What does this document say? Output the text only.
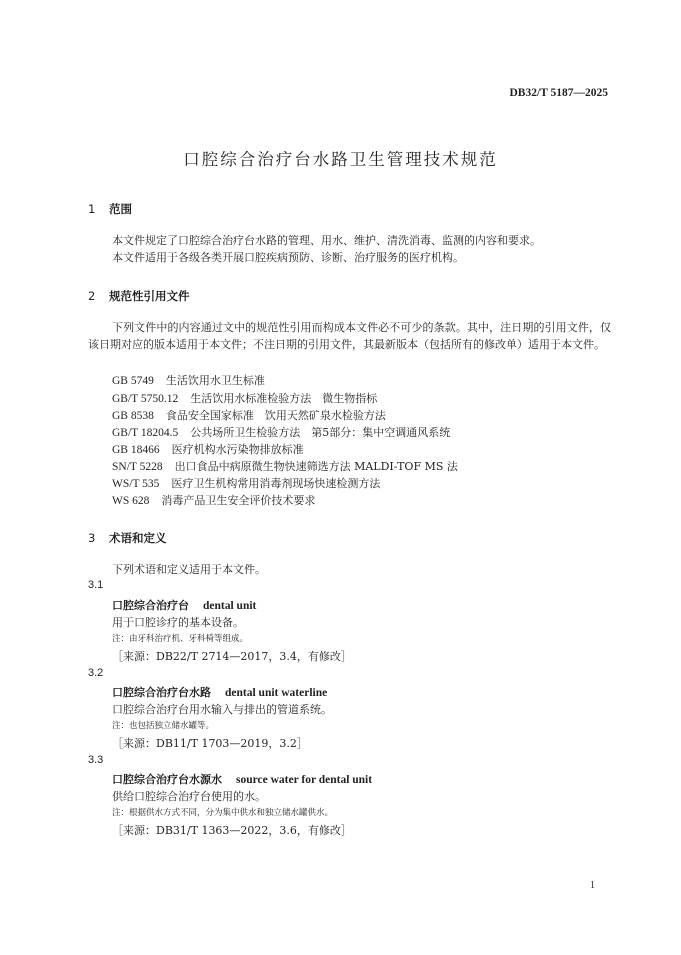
DB32/T 5187—2025
口腔综合治疗台水路卫生管理技术规范
1 范围
本文件规定了口腔综合治疗台水路的管理、用水、维护、清洗消毒、监测的内容和要求。
本文件适用于各级各类开展口腔疾病预防、诊断、治疗服务的医疗机构。
2 规范性引用文件
下列文件中的内容通过文中的规范性引用而构成本文件必不可少的条款。其中，注日期的引用文件，仅该日期对应的版本适用于本文件；不注日期的引用文件，其最新版本（包括所有的修改单）适用于本文件。
GB 5749 生活饮用水卫生标准
GB/T 5750.12 生活饮用水标准检验方法　微生物指标
GB 8538 食品安全国家标准　饮用天然矿泉水检验方法
GB/T 18204.5 公共场所卫生检验方法　第5部分：集中空调通风系统
GB 18466 医疗机构水污染物排放标准
SN/T 5228 出口食品中病原微生物快速筛选方法 MALDI-TOF MS 法
WS/T 535 医疗卫生机构常用消毒剂现场快速检测方法
WS 628 消毒产品卫生安全评价技术要求
3 术语和定义
下列术语和定义适用于本文件。
3.1
口腔综合治疗台 dental unit
用于口腔诊疗的基本设备。
注：由牙科治疗机、牙科椅等组成。
［来源：DB22/T 2714—2017，3.4，有修改］
3.2
口腔综合治疗台水路 dental unit waterline
口腔综合治疗台用水输入与排出的管道系统。
注：也包括独立储水罐等。
［来源：DB11/T 1703—2019，3.2］
3.3
口腔综合治疗台水源水 source water for dental unit
供给口腔综合治疗台使用的水。
注：根据供水方式不同，分为集中供水和独立储水罐供水。
［来源：DB31/T 1363—2022，3.6，有修改］
1
